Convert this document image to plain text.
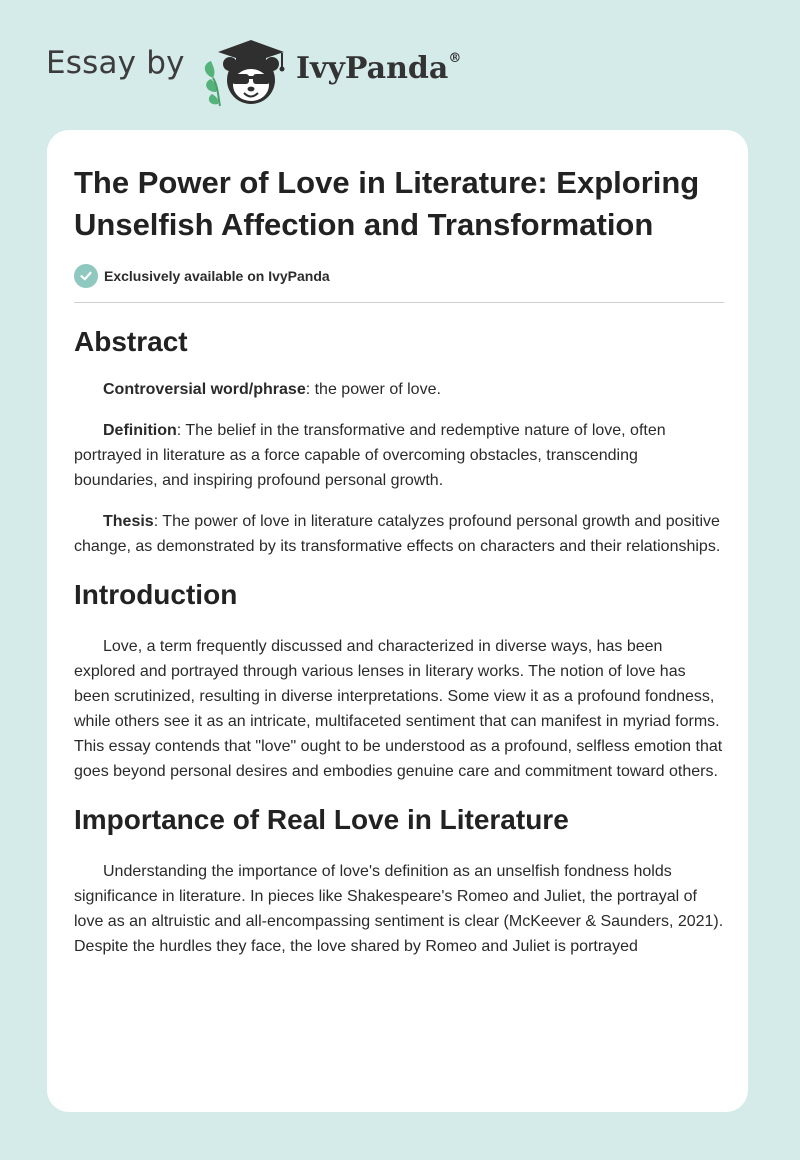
Essay by	IvyPanda®
The Power of Love in Literature: Exploring Unselfish Affection and Transformation
Exclusively available on IvyPanda
Abstract

Controversial word/phrase: the power of love.

Definition: The belief in the transformative and redemptive nature of love, often portrayed in literature as a force capable of overcoming obstacles, transcending boundaries, and inspiring profound personal growth.

Thesis: The power of love in literature catalyzes profound personal growth and positive change, as demonstrated by its transformative effects on characters and their relationships.

Introduction

Love, a term frequently discussed and characterized in diverse ways, has been explored and portrayed through various lenses in literary works. The notion of love has been scrutinized, resulting in diverse interpretations. Some view it as a profound fondness, while others see it as an intricate, multifaceted sentiment that can manifest in myriad forms. This essay contends that "love" ought to be understood as a profound, selfless emotion that goes beyond personal desires and embodies genuine care and commitment toward others.

Importance of Real Love in Literature

Understanding the importance of love's definition as an unselfish fondness holds significance in literature. In pieces like Shakespeare's Romeo and Juliet, the portrayal of love as an altruistic and all-encompassing sentiment is clear (McKeever & Saunders, 2021). Despite the hurdles they face, the love shared by Romeo and Juliet is portrayed
